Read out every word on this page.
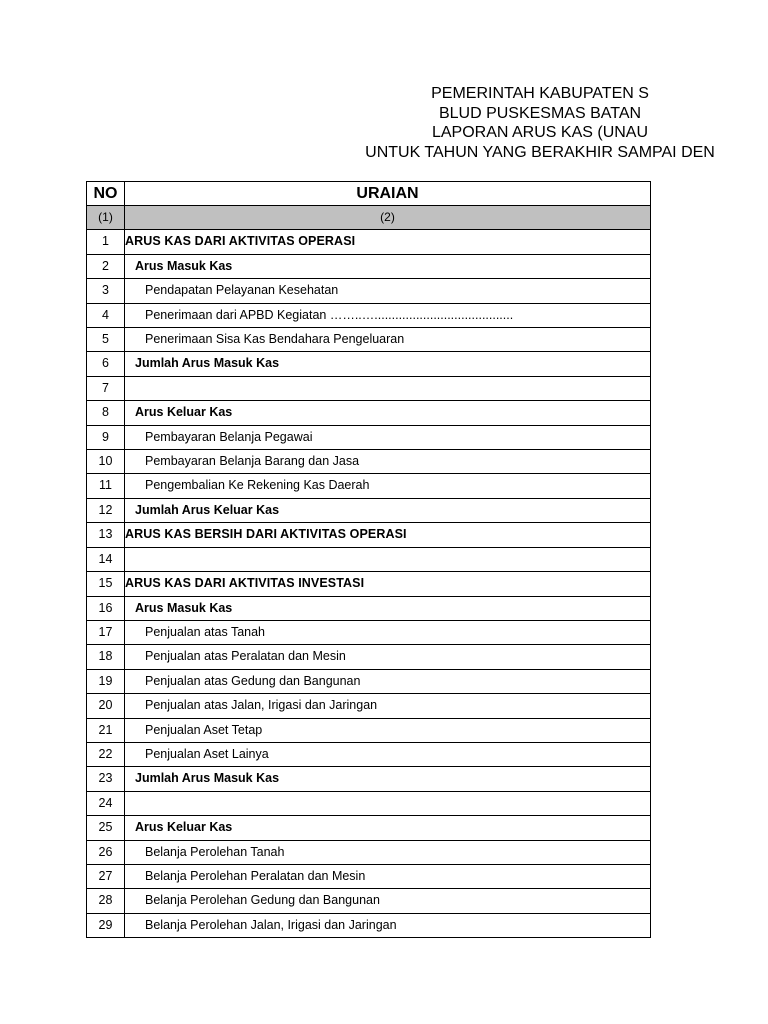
PEMERINTAH KABUPATEN S
BLUD PUSKESMAS BATAN
LAPORAN ARUS KAS (UNAU
UNTUK TAHUN YANG BERAKHIR SAMPAI DEN
NO	URAIAN
(1)	(2)
1	ARUS KAS DARI AKTIVITAS OPERASI
2	Arus Masuk Kas
3	Pendapatan Pelayanan Kesehatan
4	Penerimaan dari APBD Kegiatan ……..…........................................
5	Penerimaan Sisa Kas Bendahara Pengeluaran
6	Jumlah Arus Masuk Kas
7	
8	Arus Keluar Kas
9	Pembayaran Belanja Pegawai
10	Pembayaran Belanja Barang dan Jasa
11	Pengembalian Ke Rekening Kas Daerah
12	Jumlah Arus Keluar Kas
13	ARUS KAS BERSIH DARI AKTIVITAS OPERASI
14	
15	ARUS KAS DARI AKTIVITAS INVESTASI
16	Arus Masuk Kas
17	Penjualan atas Tanah
18	Penjualan atas Peralatan dan Mesin
19	Penjualan atas Gedung dan Bangunan
20	Penjualan atas Jalan, Irigasi dan Jaringan
21	Penjualan Aset Tetap
22	Penjualan Aset Lainya
23	Jumlah Arus Masuk Kas
24	
25	Arus Keluar Kas
26	Belanja Perolehan Tanah
27	Belanja Perolehan Peralatan dan Mesin
28	Belanja Perolehan Gedung dan Bangunan
29	Belanja Perolehan Jalan, Irigasi dan Jaringan
